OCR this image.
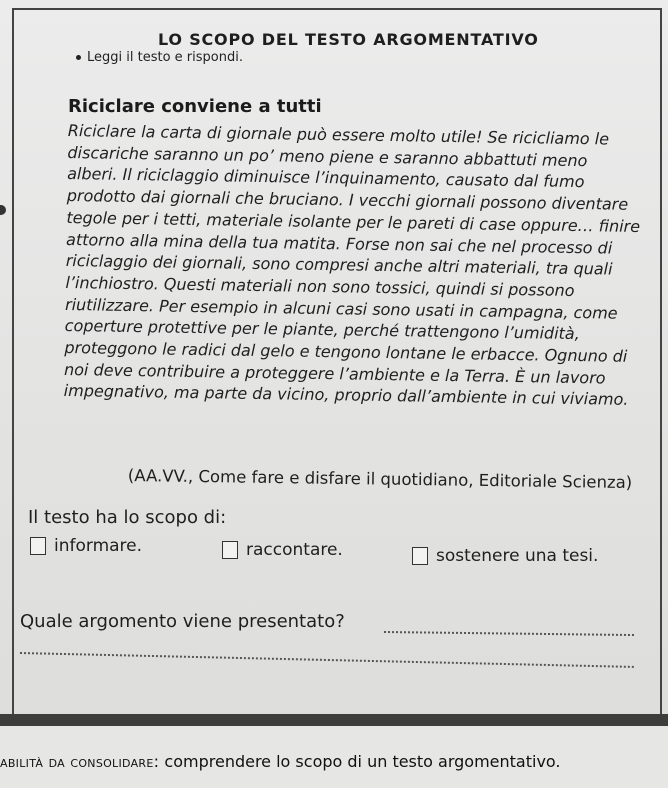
LO SCOPO DEL TESTO ARGOMENTATIVO
Leggi il testo e rispondi.
Riciclare conviene a tutti
Riciclare la carta di giornale può essere molto utile! Se ricicliamo le
discariche saranno un po’ meno piene e saranno abbattuti meno
alberi. Il riciclaggio diminuisce l’inquinamento, causato dal fumo
prodotto dai giornali che bruciano. I vecchi giornali possono diventare
tegole per i tetti, materiale isolante per le pareti di case oppure… finire
attorno alla mina della tua matita. Forse non sai che nel processo di
riciclaggio dei giornali, sono compresi anche altri materiali, tra quali
l’inchiostro. Questi materiali non sono tossici, quindi si possono
riutilizzare. Per esempio in alcuni casi sono usati in campagna, come
coperture protettive per le piante, perché trattengono l’umidità,
proteggono le radici dal gelo e tengono lontane le erbacce. Ognuno di
noi deve contribuire a proteggere l’ambiente e la Terra. È un lavoro
impegnativo, ma parte da vicino, proprio dall’ambiente in cui viviamo.
(AA.VV., Come fare e disfare il quotidiano, Editoriale Scienza)
Il testo ha lo scopo di:
informare.	raccontare.	sostenere una tesi.
Quale argomento viene presentato?
abilità da consolidare: comprendere lo scopo di un testo argomentativo.
